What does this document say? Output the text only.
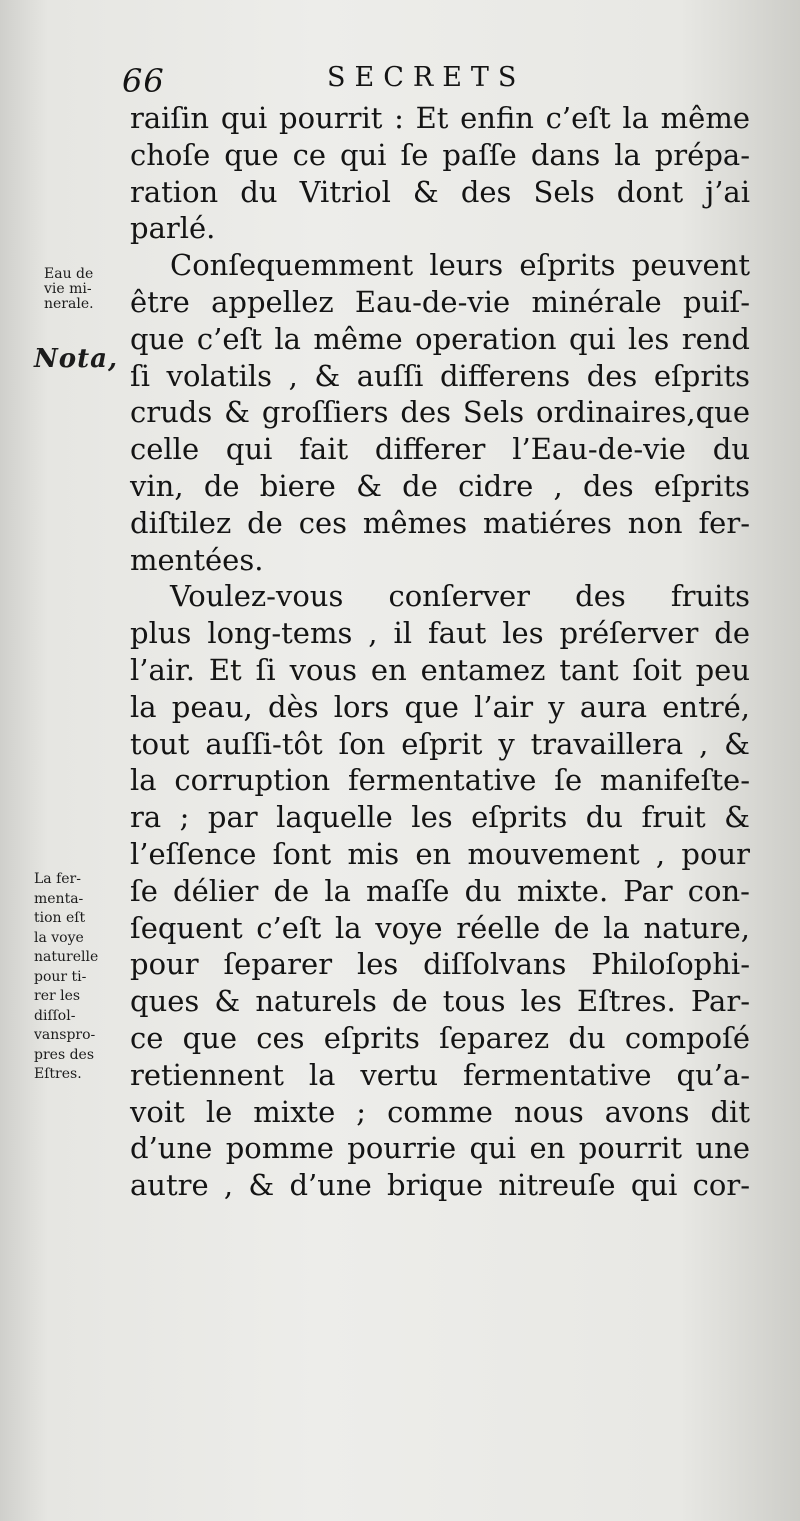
66	SECRETS
Eau de
vie mi-
nerale.
Nota,
La fer-
menta-
tion eſt
la voye
naturelle
pour ti-
rer les
diſſol-
vanspro-
pres des
Eſtres.
raiſin qui pourrit : Et enfin c’eſt la même
choſe que ce qui ſe paſſe dans la prépa-
ration du Vitriol & des Sels dont j’ai
parlé.
Conſequemment leurs eſprits peuvent
être appellez Eau-de-vie minérale puiſ-
que c’eſt la même operation qui les rend
ſi volatils , & auſſi differens des eſprits
cruds & groſſiers des Sels ordinaires,que
celle qui fait differer l’Eau-de-vie du
vin, de biere & de cidre , des eſprits
diſtilez de ces mêmes matiéres non fer-
mentées.
Voulez-vous conſerver des fruits
plus long-tems , il faut les préſerver de
l’air. Et ſi vous en entamez tant ſoit peu
la peau, dès lors que l’air y aura entré,
tout auſſi-tôt ſon eſprit y travaillera , &
la corruption fermentative ſe manifeſte-
ra ; par laquelle les eſprits du fruit &
l’eſſence ſont mis en mouvement , pour
ſe délier de la maſſe du mixte. Par con-
ſequent c’eſt la voye réelle de la nature,
pour ſeparer les diſſolvans Philoſophi-
ques & naturels de tous les Eſtres. Par-
ce que ces eſprits ſeparez du compoſé
retiennent la vertu fermentative qu’a-
voit le mixte ; comme nous avons dit
d’une pomme pourrie qui en pourrit une
autre , & d’une brique nitreuſe qui cor-
